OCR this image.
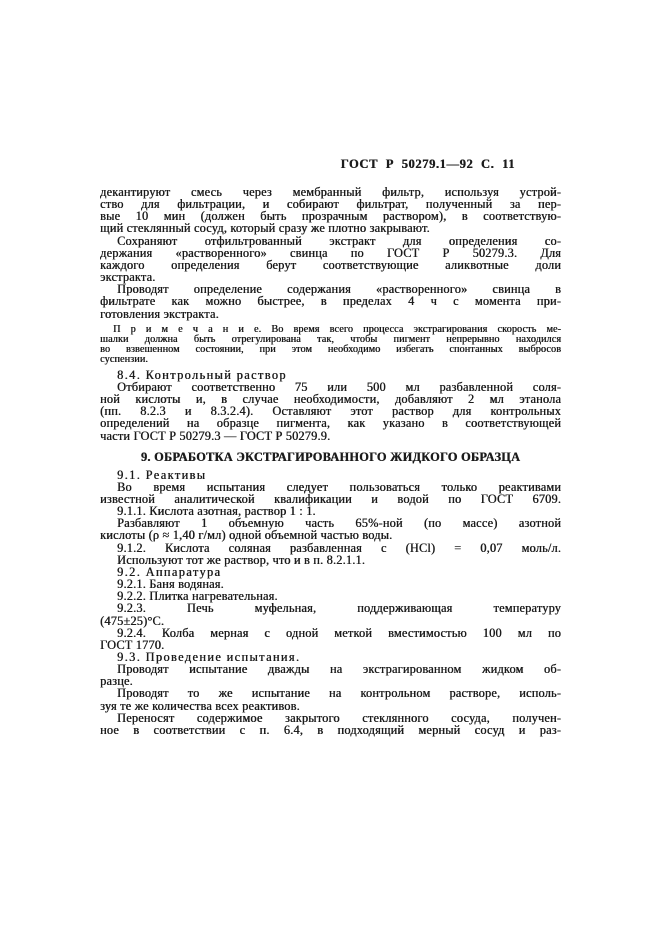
ГОСТ Р 50279.1—92 С. 11
декантируют смесь через мембранный фильтр, используя устрой-
ство для фильтрации, и собирают фильтрат, полученный за пер-
вые 10 мин (должен быть прозрачным раствором), в соответствую-
щий стеклянный сосуд, который сразу же плотно закрывают.
Сохраняют отфильтрованный экстракт для определения со-
держания «растворенного» свинца по ГОСТ Р 50279.3. Для
каждого определения берут соответствующие аликвотные доли
экстракта.
Проводят определение содержания «растворенного» свинца в
фильтрате как можно быстрее, в пределах 4 ч с момента при-
готовления экстракта.
П р и м е ч а н и е. Во время всего процесса экстрагирования скорость ме-
шалки должна быть отрегулирована так, чтобы пигмент непрерывно находился
во взвешенном состоянии, при этом необходимо избегать спонтанных выбросов
суспензии.
8.4. Контрольный раствор
Отбирают соответственно 75 или 500 мл разбавленной соля-
ной кислоты и, в случае необходимости, добавляют 2 мл этанола
(пп. 8.2.3 и 8.3.2.4). Оставляют этот раствор для контрольных
определений на образце пигмента, как указано в соответствующей
части ГОСТ Р 50279.3 — ГОСТ Р 50279.9.
9. ОБРАБОТКА ЭКСТРАГИРОВАННОГО ЖИДКОГО ОБРАЗЦА
9.1. Реактивы
Во время испытания следует пользоваться только реактивами
известной аналитической квалификации и водой по ГОСТ 6709.
9.1.1. Кислота азотная, раствор 1 : 1.
Разбавляют 1 объемную часть 65%-ной (по массе) азотной
кислоты (ρ ≈ 1,40 г/мл) одной объемной частью воды.
9.1.2. Кислота соляная разбавленная с (HCl) = 0,07 моль/л.
Используют тот же раствор, что и в п. 8.2.1.1.
9.2. Аппаратура
9.2.1. Баня водяная.
9.2.2. Плитка нагревательная.
9.2.3. Печь муфельная, поддерживающая температуру
(475±25)°С.
9.2.4. Колба мерная с одной меткой вместимостью 100 мл по
ГОСТ 1770.
9.3. Проведение испытания.
Проводят испытание дважды на экстрагированном жидком об-
разце.
Проводят то же испытание на контрольном растворе, исполь-
зуя те же количества всех реактивов.
Переносят содержимое закрытого стеклянного сосуда, получен-
ное в соответствии с п. 6.4, в подходящий мерный сосуд и раз-
